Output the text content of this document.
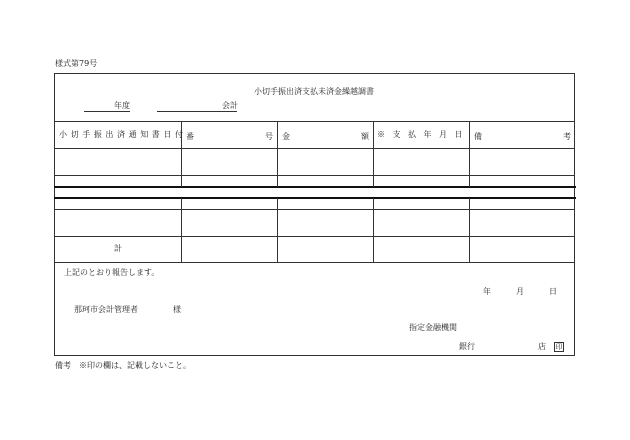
様式第79号
小切手振出済支払未済金繰越調書
年度	会計
小切手振出済通知書日付 番	号 金	額 ※支払年月日 備	考
計
上記のとおり報告します。
年	月	日
那珂市会計管理者	様
指定金融機関
銀行	店 印
備考　※印の欄は、記載しないこと。
